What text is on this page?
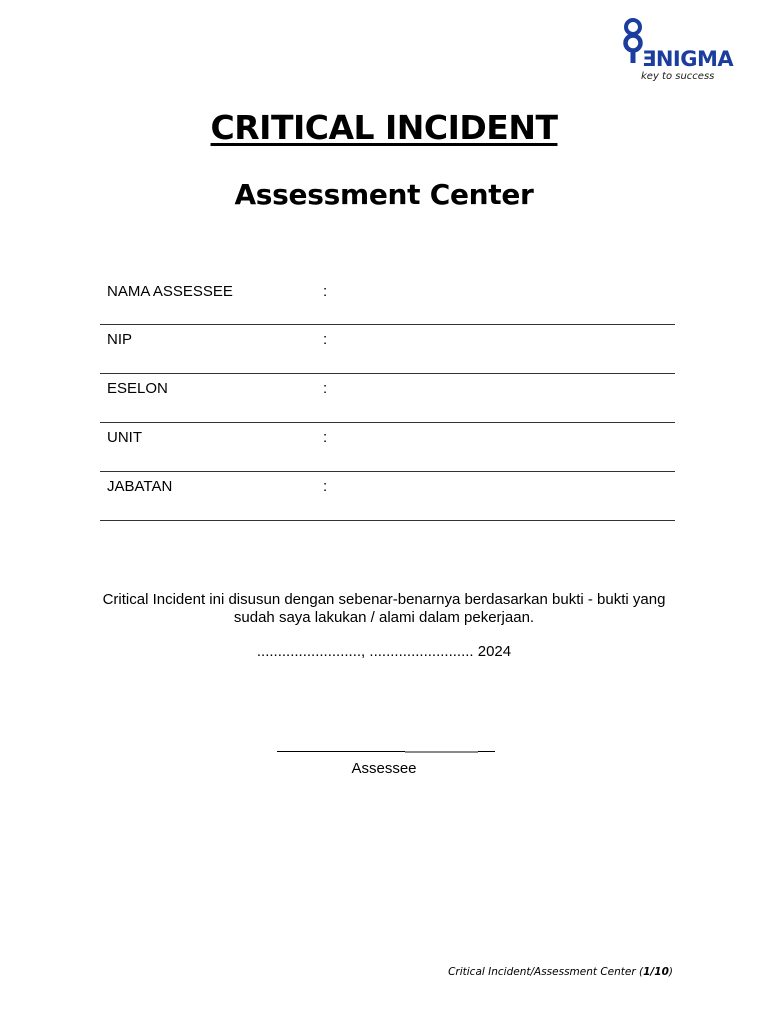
ƎNIGMA
key to success
CRITICAL INCIDENT
Assessment Center
NAMA ASSESSEE	:
NIP	:
ESELON	:
UNIT	:
JABATAN	:
Critical Incident ini disusun dengan sebenar-benarnya berdasarkan bukti - bukti yang sudah saya lakukan / alami dalam pekerjaan.
........................., ......................... 2024
Assessee
Critical Incident/Assessment Center (1/10)
